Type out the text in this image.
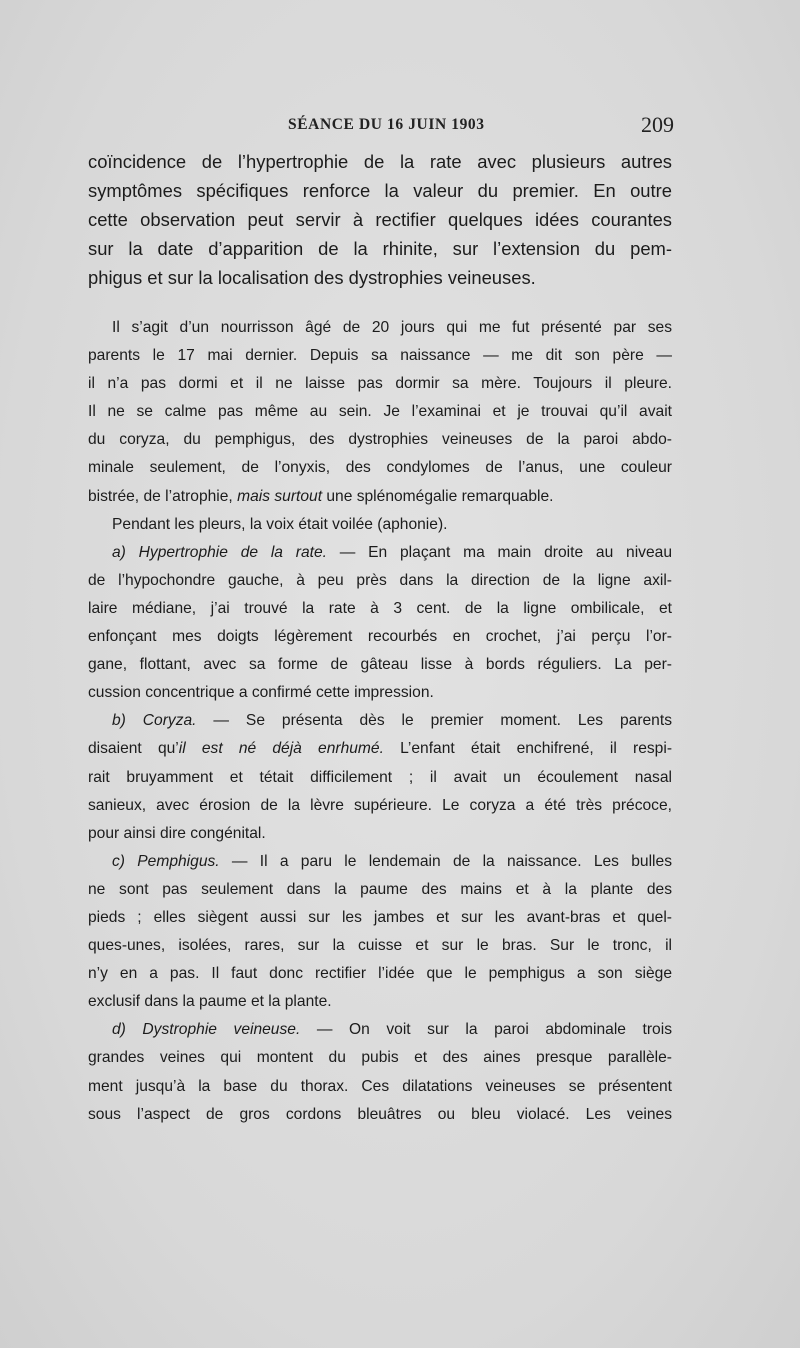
SÉANCE DU 16 JUIN 1903	209

coïncidence de l’hypertrophie de la rate avec plusieurs autres
symptômes spécifiques renforce la valeur du premier. En outre
cette observation peut servir à rectifier quelques idées courantes
sur la date d’apparition de la rhinite, sur l’extension du pem-
phigus et sur la localisation des dystrophies veineuses.

Il s’agit d’un nourrisson âgé de 20 jours qui me fut présenté par ses
parents le 17 mai dernier. Depuis sa naissance — me dit son père —
il n’a pas dormi et il ne laisse pas dormir sa mère. Toujours il pleure.
Il ne se calme pas même au sein. Je l’examinai et je trouvai qu’il avait
du coryza, du pemphigus, des dystrophies veineuses de la paroi abdo-
minale seulement, de l’onyxis, des condylomes de l’anus, une couleur
bistrée, de l’atrophie, mais surtout une splénomégalie remarquable.
Pendant les pleurs, la voix était voilée (aphonie).
a) Hypertrophie de la rate. — En plaçant ma main droite au niveau
de l’hypochondre gauche, à peu près dans la direction de la ligne axil-
laire médiane, j’ai trouvé la rate à 3 cent. de la ligne ombilicale, et
enfonçant mes doigts légèrement recourbés en crochet, j’ai perçu l’or-
gane, flottant, avec sa forme de gâteau lisse à bords réguliers. La per-
cussion concentrique a confirmé cette impression.
b) Coryza. — Se présenta dès le premier moment. Les parents
disaient qu’il est né déjà enrhumé. L’enfant était enchifrené, il respi-
rait bruyamment et tétait difficilement ; il avait un écoulement nasal
sanieux, avec érosion de la lèvre supérieure. Le coryza a été très précoce,
pour ainsi dire congénital.
c) Pemphigus. — Il a paru le lendemain de la naissance. Les bulles
ne sont pas seulement dans la paume des mains et à la plante des
pieds ; elles siègent aussi sur les jambes et sur les avant-bras et quel-
ques-unes, isolées, rares, sur la cuisse et sur le bras. Sur le tronc, il
n’y en a pas. Il faut donc rectifier l’idée que le pemphigus a son siège
exclusif dans la paume et la plante.
d) Dystrophie veineuse. — On voit sur la paroi abdominale trois
grandes veines qui montent du pubis et des aines presque parallèle-
ment jusqu’à la base du thorax. Ces dilatations veineuses se présentent
sous l’aspect de gros cordons bleuâtres ou bleu violacé. Les veines
